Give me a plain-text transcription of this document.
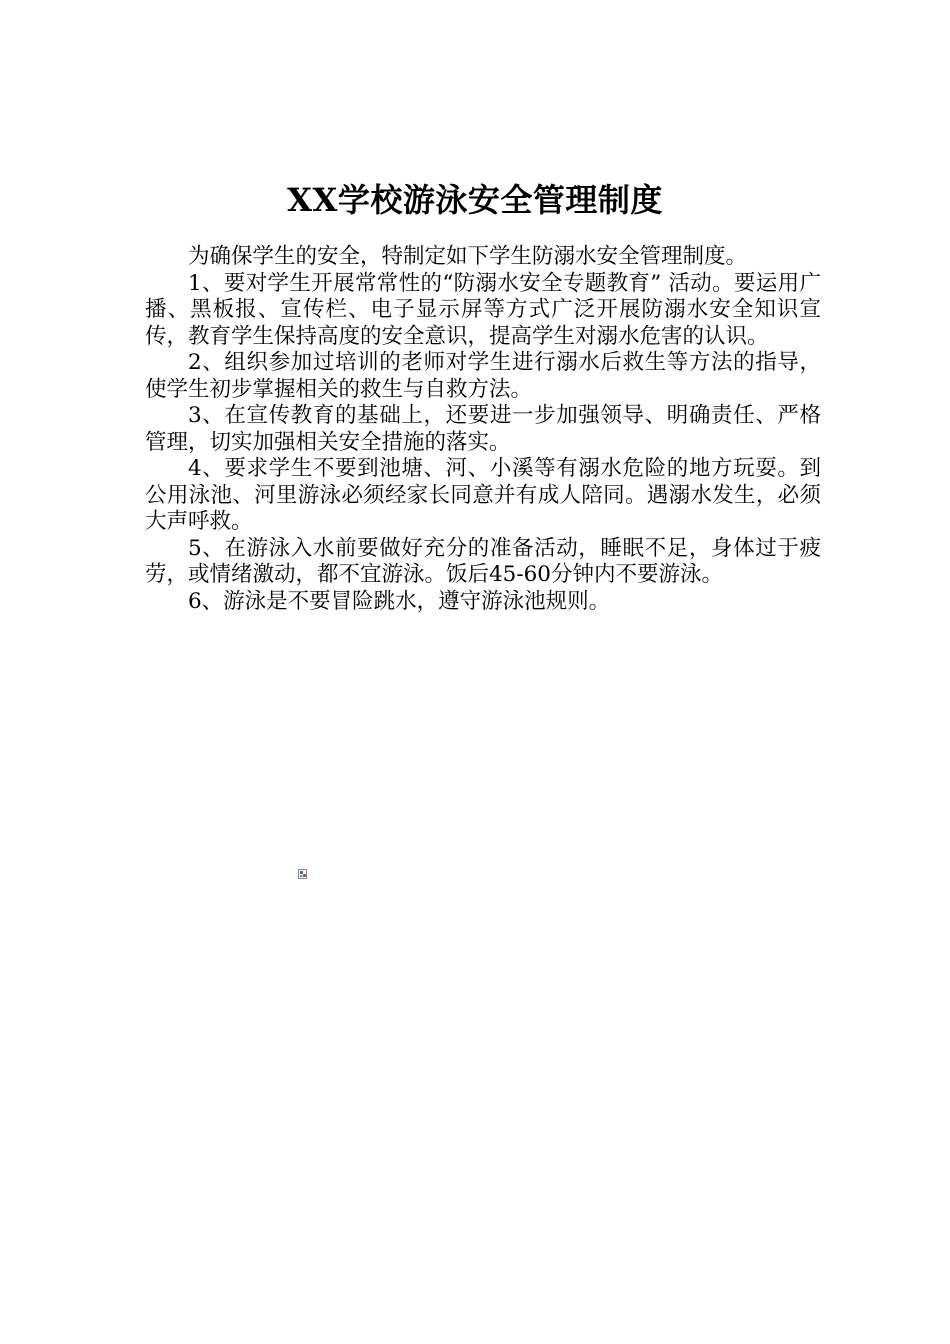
XX学校游泳安全管理制度

为确保学生的安全，特制定如下学生防溺水安全管理制度。

1、要对学生开展常常性的“防溺水安全专题教育” 活动。要运用广播、黑板报、宣传栏、电子显示屏等方式广泛开展防溺水安全知识宣传，教育学生保持高度的安全意识，提高学生对溺水危害的认识。

2、组织参加过培训的老师对学生进行溺水后救生等方法的指导，使学生初步掌握相关的救生与自救方法。

3、在宣传教育的基础上，还要进一步加强领导、明确责任、严格管理，切实加强相关安全措施的落实。

4、要求学生不要到池塘、河、小溪等有溺水危险的地方玩耍。到公用泳池、河里游泳必须经家长同意并有成人陪同。遇溺水发生，必须大声呼救。

5、在游泳入水前要做好充分的准备活动，睡眠不足，身体过于疲劳，或情绪激动，都不宜游泳。饭后45-60分钟内不要游泳。

6、游泳是不要冒险跳水，遵守游泳池规则。
